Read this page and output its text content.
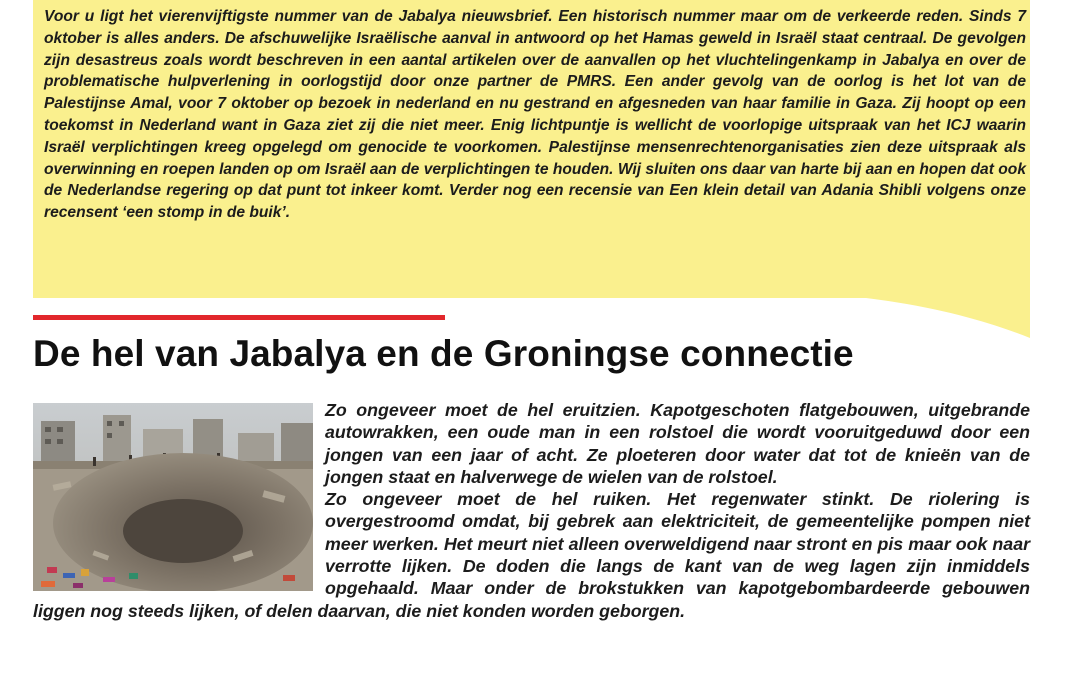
Voor u ligt het vierenvijftigste nummer van de Jabalya nieuwsbrief. Een historisch nummer maar om de verkeerde reden. Sinds 7 oktober is alles anders. De afschuwelijke Israëlische aanval in antwoord op het Hamas geweld in Israël staat centraal. De gevolgen zijn desastreus zoals wordt beschreven in een aantal artikelen over de aanvallen op het vluchtelingenkamp in Jabalya en over de problematische hulpverlening in oorlogstijd door onze partner de PMRS. Een ander gevolg van de oorlog is het lot van de Palestijnse Amal, voor 7 oktober op bezoek in nederland en nu gestrand en afgesneden van haar familie in Gaza. Zij hoopt op een toekomst in Nederland want in Gaza ziet zij die niet meer. Enig lichtpuntje is wellicht de voorlopige uitspraak van het ICJ waarin Israël verplichtingen kreeg opgelegd om genocide te voorkomen. Palestijnse mensenrechtenorganisaties zien deze uitspraak als overwinning en roepen landen op om Israël aan de verplichtingen te houden. Wij sluiten ons daar van harte bij aan en hopen dat ook de Nederlandse regering op dat punt tot inkeer komt. Verder nog een recensie van Een klein detail van Adania Shibli volgens onze recensent ‘een stomp in de buik’.

De hel van Jabalya en de Groningse connectie

Zo ongeveer moet de hel eruitzien. Kapotgeschoten flatgebouwen, uitgebrande autowrakken, een oude man in een rolstoel die wordt vooruitgeduwd door een jongen van een jaar of acht. Ze ploeteren door water dat tot de knieën van de jongen staat en halverwege de wielen van de rolstoel.

Zo ongeveer moet de hel ruiken. Het regenwater stinkt. De riolering is overgestroomd omdat, bij gebrek aan elektriciteit, de gemeentelijke pompen niet meer werken. Het meurt niet alleen overweldigend naar stront en pis maar ook naar verrotte lijken. De doden die langs de kant van de weg lagen zijn inmiddels opgehaald. Maar onder de brokstukken van kapotgebombardeerde gebouwen liggen nog steeds lijken, of delen daarvan, die niet konden worden geborgen.
